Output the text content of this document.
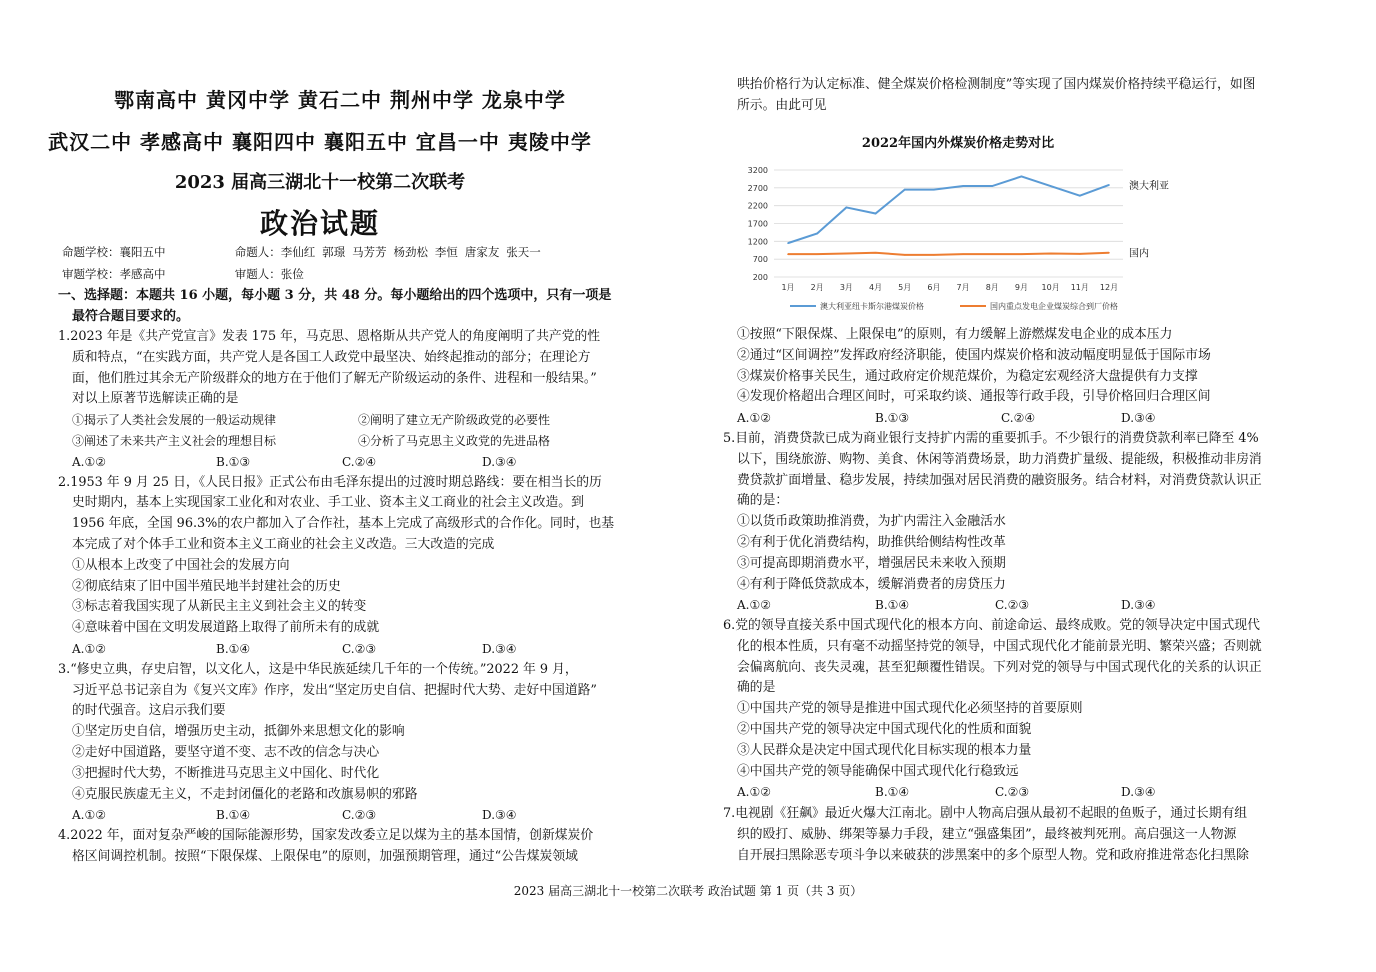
鄂南高中 黄冈中学 黄石二中 荆州中学 龙泉中学
武汉二中 孝感高中 襄阳四中 襄阳五中 宜昌一中 夷陵中学
2023 届高三湖北十一校第二次联考
政治试题
命题学校：襄阳五中          命题人：李仙红 郭璟 马芳芳 杨劲松 李恒 唐家友 张天一
审题学校：孝感高中          审题人：张俭
一、选择题：本题共 16 小题，每小题 3 分，共 48 分。每小题给出的四个选项中，只有一项是
最符合题目要求的。
1.2023 年是《共产党宣言》发表 175 年，马克思、恩格斯从共产党人的角度阐明了共产党的性
质和特点，“在实践方面，共产党人是各国工人政党中最坚决、始终起推动的部分；在理论方
面，他们胜过其余无产阶级群众的地方在于他们了解无产阶级运动的条件、进程和一般结果。”
对以上原著节选解读正确的是
①揭示了人类社会发展的一般运动规律	②阐明了建立无产阶级政党的必要性
③阐述了未来共产主义社会的理想目标	④分析了马克思主义政党的先进品格
A.①②	B.①③	C.②④	D.③④
2.1953 年 9 月 25 日，《人民日报》正式公布由毛泽东提出的过渡时期总路线：要在相当长的历
史时期内，基本上实现国家工业化和对农业、手工业、资本主义工商业的社会主义改造。到
1956 年底，全国 96.3%的农户都加入了合作社，基本上完成了高级形式的合作化。同时，也基
本完成了对个体手工业和资本主义工商业的社会主义改造。三大改造的完成
①从根本上改变了中国社会的发展方向
②彻底结束了旧中国半殖民地半封建社会的历史
③标志着我国实现了从新民主主义到社会主义的转变
④意味着中国在文明发展道路上取得了前所未有的成就
A.①②	B.①④	C.②③	D.③④
3.“修史立典，存史启智，以文化人，这是中华民族延续几千年的一个传统。”2022 年 9 月，
习近平总书记亲自为《复兴文库》作序，发出“坚定历史自信、把握时代大势、走好中国道路”
的时代强音。这启示我们要
①坚定历史自信，增强历史主动，抵御外来思想文化的影响
②走好中国道路，要坚守道不变、志不改的信念与决心
③把握时代大势，不断推进马克思主义中国化、时代化
④克服民族虚无主义，不走封闭僵化的老路和改旗易帜的邪路
A.①②	B.①④	C.②③	D.③④
4.2022 年，面对复杂严峻的国际能源形势，国家发改委立足以煤为主的基本国情，创新煤炭价
格区间调控机制。按照“下限保煤、上限保电”的原则，加强预期管理，通过“公告煤炭领域
哄抬价格行为认定标准、健全煤炭价格检测制度”等实现了国内煤炭价格持续平稳运行，如图
所示。由此可见
2022年国内外煤炭价格走势对比
3200
2700
2200
1700
1200
700
200
1月 2月 3月 4月 5月 6月 7月 8月 9月 10月 11月 12月
澳大利亚
国内
澳大利亚纽卡斯尔港煤炭价格	国内重点发电企业煤炭综合到厂价格
①按照“下限保煤、上限保电”的原则，有力缓解上游燃煤发电企业的成本压力
②通过“区间调控”发挥政府经济职能，使国内煤炭价格和波动幅度明显低于国际市场
③煤炭价格事关民生，通过政府定价规范煤价，为稳定宏观经济大盘提供有力支撑
④发现价格超出合理区间时，可采取约谈、通报等行政手段，引导价格回归合理区间
A.①②	B.①③	C.②④	D.③④
5.目前，消费贷款已成为商业银行支持扩内需的重要抓手。不少银行的消费贷款利率已降至 4%
以下，围绕旅游、购物、美食、休闲等消费场景，助力消费扩量级、提能级，积极推动非房消
费贷款扩面增量、稳步发展，持续加强对居民消费的融资服务。结合材料，对消费贷款认识正
确的是：
①以货币政策助推消费，为扩内需注入金融活水
②有利于优化消费结构，助推供给侧结构性改革
③可提高即期消费水平，增强居民未来收入预期
④有利于降低贷款成本，缓解消费者的房贷压力
A.①②	B.①④	C.②③	D.③④
6.党的领导直接关系中国式现代化的根本方向、前途命运、最终成败。党的领导决定中国式现代
化的根本性质，只有毫不动摇坚持党的领导，中国式现代化才能前景光明、繁荣兴盛；否则就
会偏离航向、丧失灵魂，甚至犯颠覆性错误。下列对党的领导与中国式现代化的关系的认识正
确的是
①中国共产党的领导是推进中国式现代化必须坚持的首要原则
②中国共产党的领导决定中国式现代化的性质和面貌
③人民群众是决定中国式现代化目标实现的根本力量
④中国共产党的领导能确保中国式现代化行稳致远
A.①②	B.①④	C.②③	D.③④
7.电视剧《狂飙》最近火爆大江南北。剧中人物高启强从最初不起眼的鱼贩子，通过长期有组
织的殴打、威胁、绑架等暴力手段，建立“强盛集团”，最终被判死刑。高启强这一人物源
自开展扫黑除恶专项斗争以来破获的涉黑案中的多个原型人物。党和政府推进常态化扫黑除
2023 届高三湖北十一校第二次联考 政治试题 第 1 页（共 3 页）
